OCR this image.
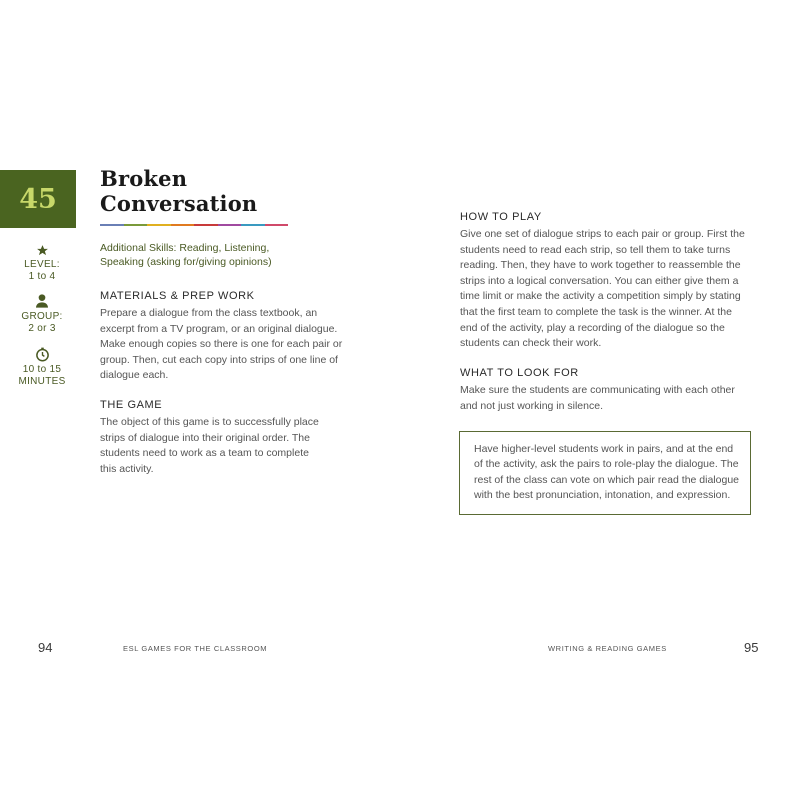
45
LEVEL:
1 to 4
GROUP:
2 or 3
10 to 15
MINUTES
Broken
Conversation
Additional Skills: Reading, Listening, Speaking (asking for/giving opinions)
MATERIALS & PREP WORK
Prepare a dialogue from the class textbook, an excerpt from a TV program, or an original dialogue. Make enough copies so there is one for each pair or group. Then, cut each copy into strips of one line of dialogue each.
THE GAME
The object of this game is to successfully place strips of dialogue into their original order. The students need to work as a team to complete this activity.
HOW TO PLAY
Give one set of dialogue strips to each pair or group. First the students need to read each strip, so tell them to take turns reading. Then, they have to work together to reassemble the strips into a logical conversation. You can either give them a time limit or make the activity a competition simply by stating that the first team to complete the task is the winner. At the end of the activity, play a recording of the dialogue so the students can check their work.
WHAT TO LOOK FOR
Make sure the students are communicating with each other and not just working in silence.
Have higher-level students work in pairs, and at the end of the activity, ask the pairs to role-play the dialogue. The rest of the class can vote on which pair read the dialogue with the best pronunciation, intonation, and expression.
94	ESL GAMES FOR THE CLASSROOM	WRITING & READING GAMES	95
